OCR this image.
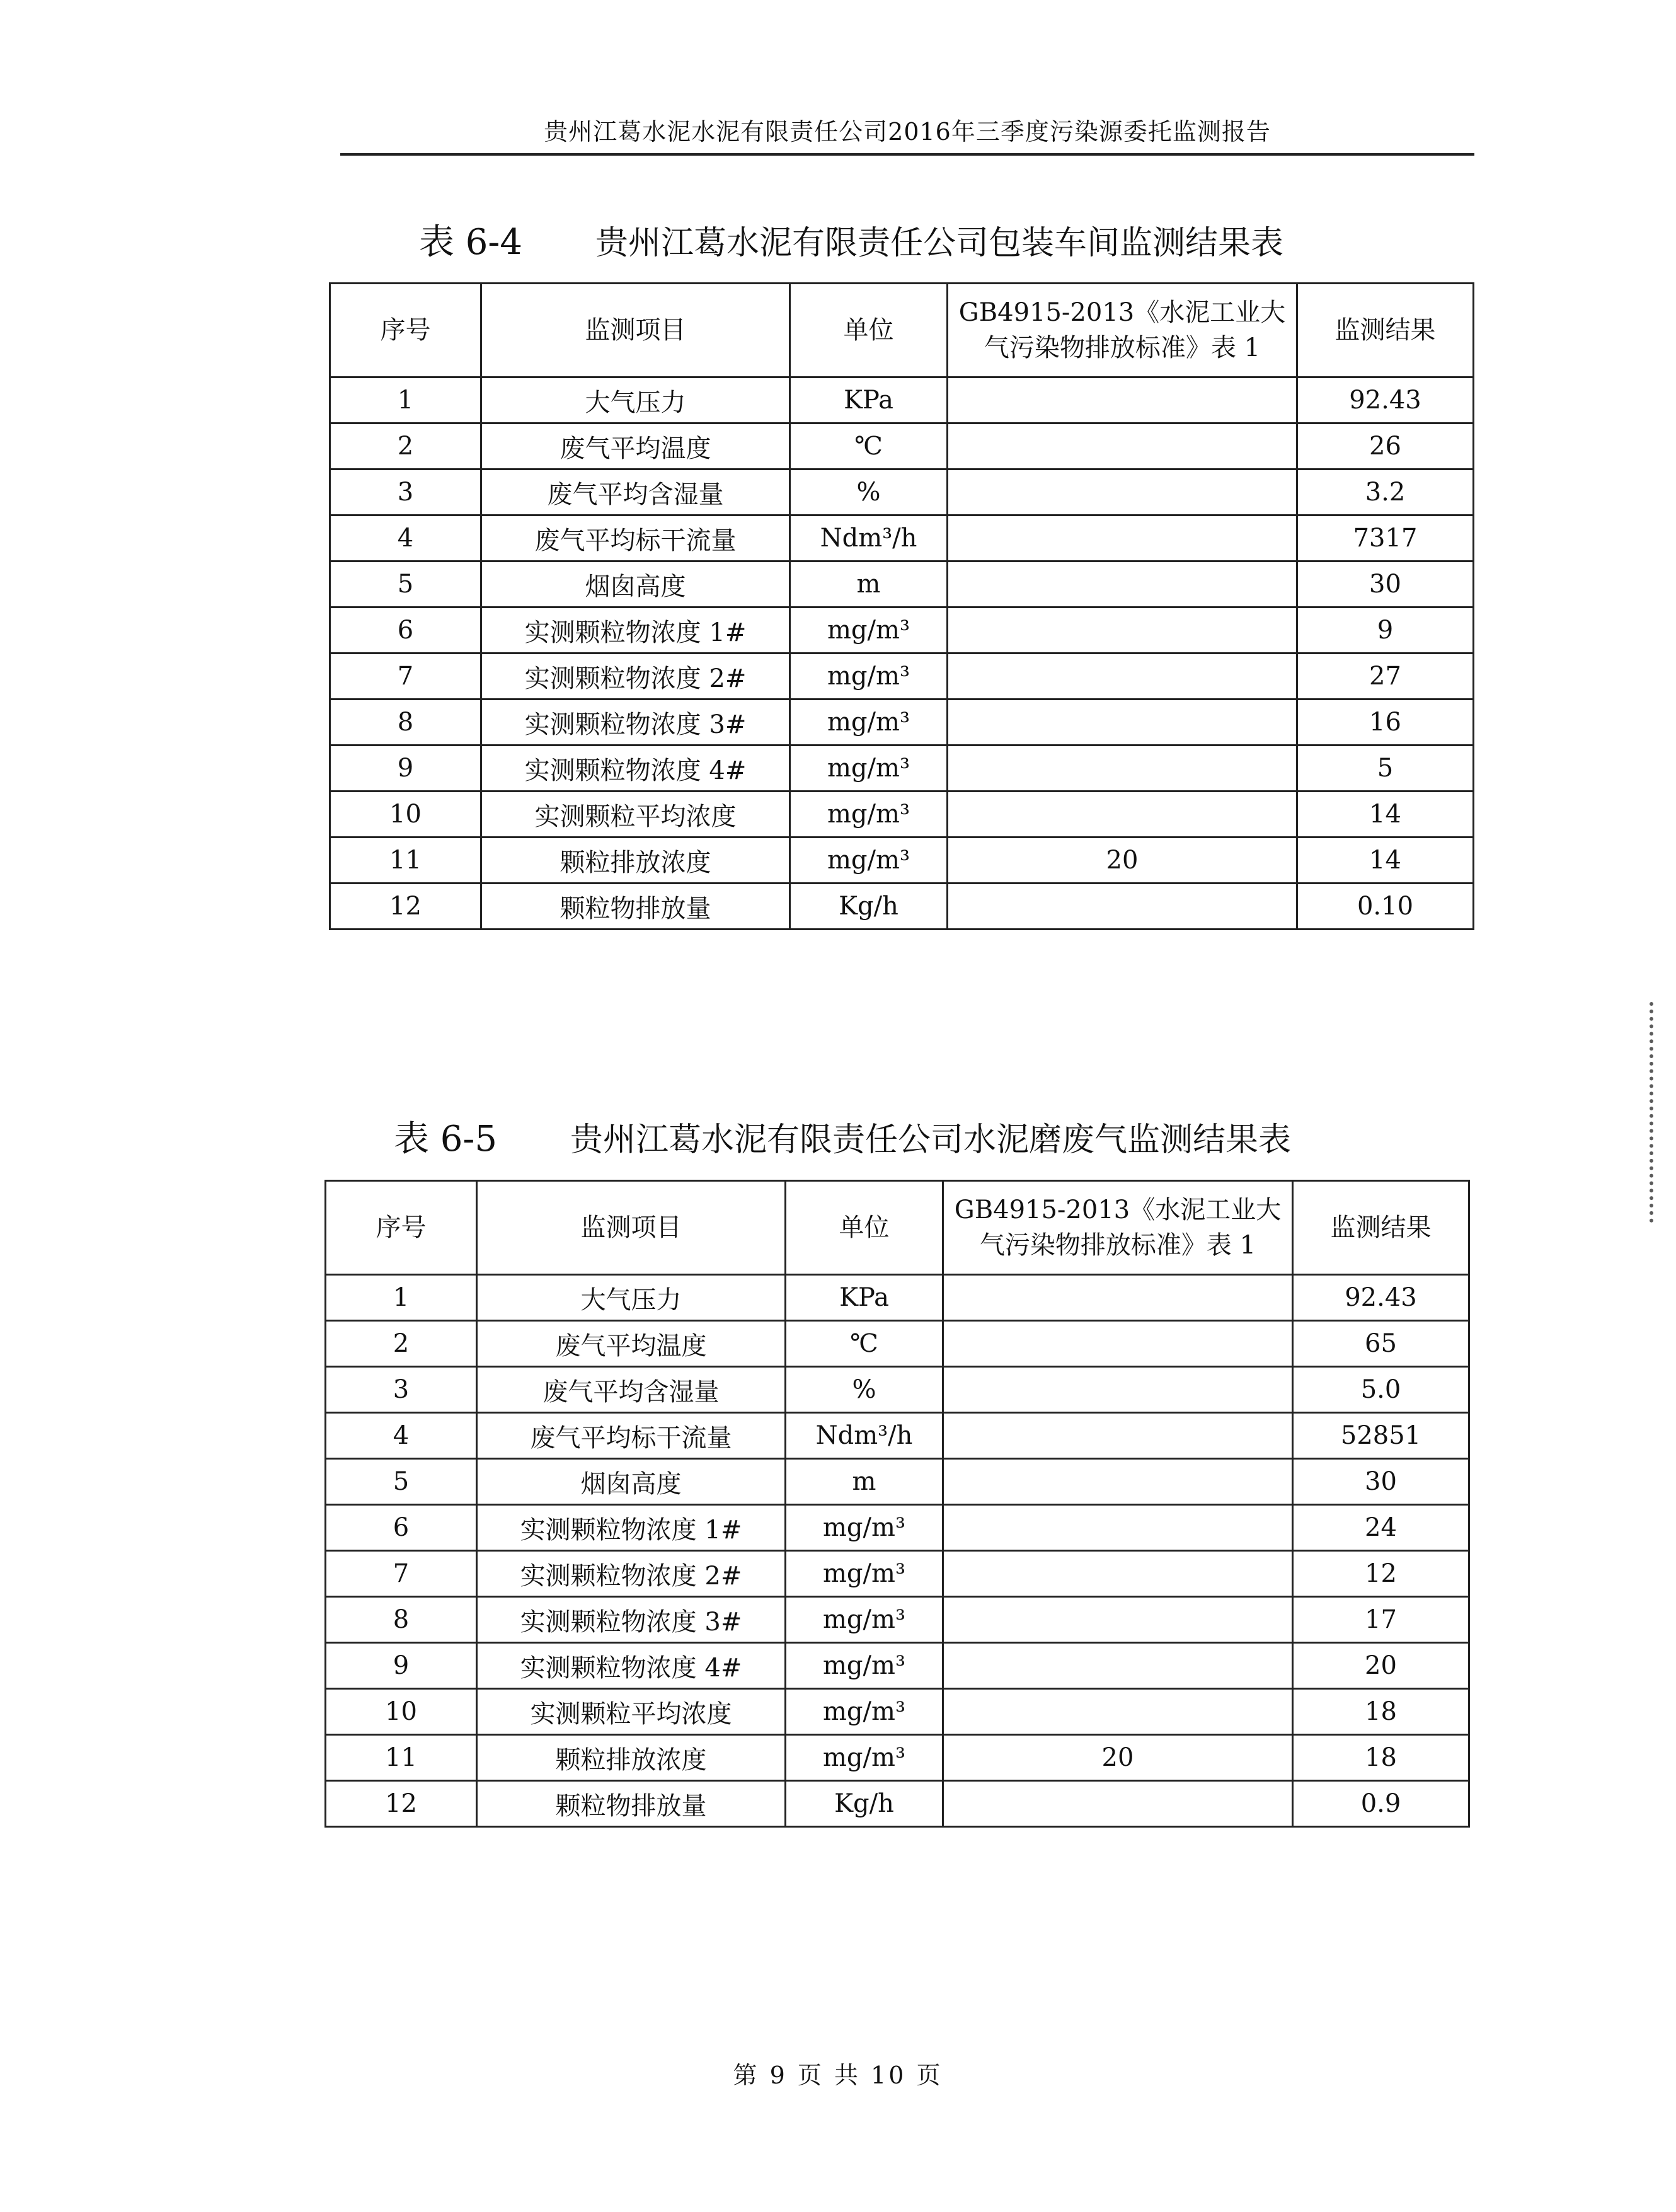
贵州江葛水泥水泥有限责任公司2016年三季度污染源委托监测报告
表 6-4 贵州江葛水泥有限责任公司包装车间监测结果表
序号	监测项目	单位	GB4915-2013《水泥工业大气污染物排放标准》表 1	监测结果
1	大气压力	KPa		92.43
2	废气平均温度	℃		26
3	废气平均含湿量	%		3.2
4	废气平均标干流量	Ndm³/h		7317
5	烟囱高度	m		30
6	实测颗粒物浓度 1#	mg/m³		9
7	实测颗粒物浓度 2#	mg/m³		27
8	实测颗粒物浓度 3#	mg/m³		16
9	实测颗粒物浓度 4#	mg/m³		5
10	实测颗粒平均浓度	mg/m³		14
11	颗粒排放浓度	mg/m³	20	14
12	颗粒物排放量	Kg/h		0.10
表 6-5 贵州江葛水泥有限责任公司水泥磨废气监测结果表
序号	监测项目	单位	GB4915-2013《水泥工业大气污染物排放标准》表 1	监测结果
1	大气压力	KPa		92.43
2	废气平均温度	℃		65
3	废气平均含湿量	%		5.0
4	废气平均标干流量	Ndm³/h		52851
5	烟囱高度	m		30
6	实测颗粒物浓度 1#	mg/m³		24
7	实测颗粒物浓度 2#	mg/m³		12
8	实测颗粒物浓度 3#	mg/m³		17
9	实测颗粒物浓度 4#	mg/m³		20
10	实测颗粒平均浓度	mg/m³		18
11	颗粒排放浓度	mg/m³	20	18
12	颗粒物排放量	Kg/h		0.9
第 9 页 共 10 页
